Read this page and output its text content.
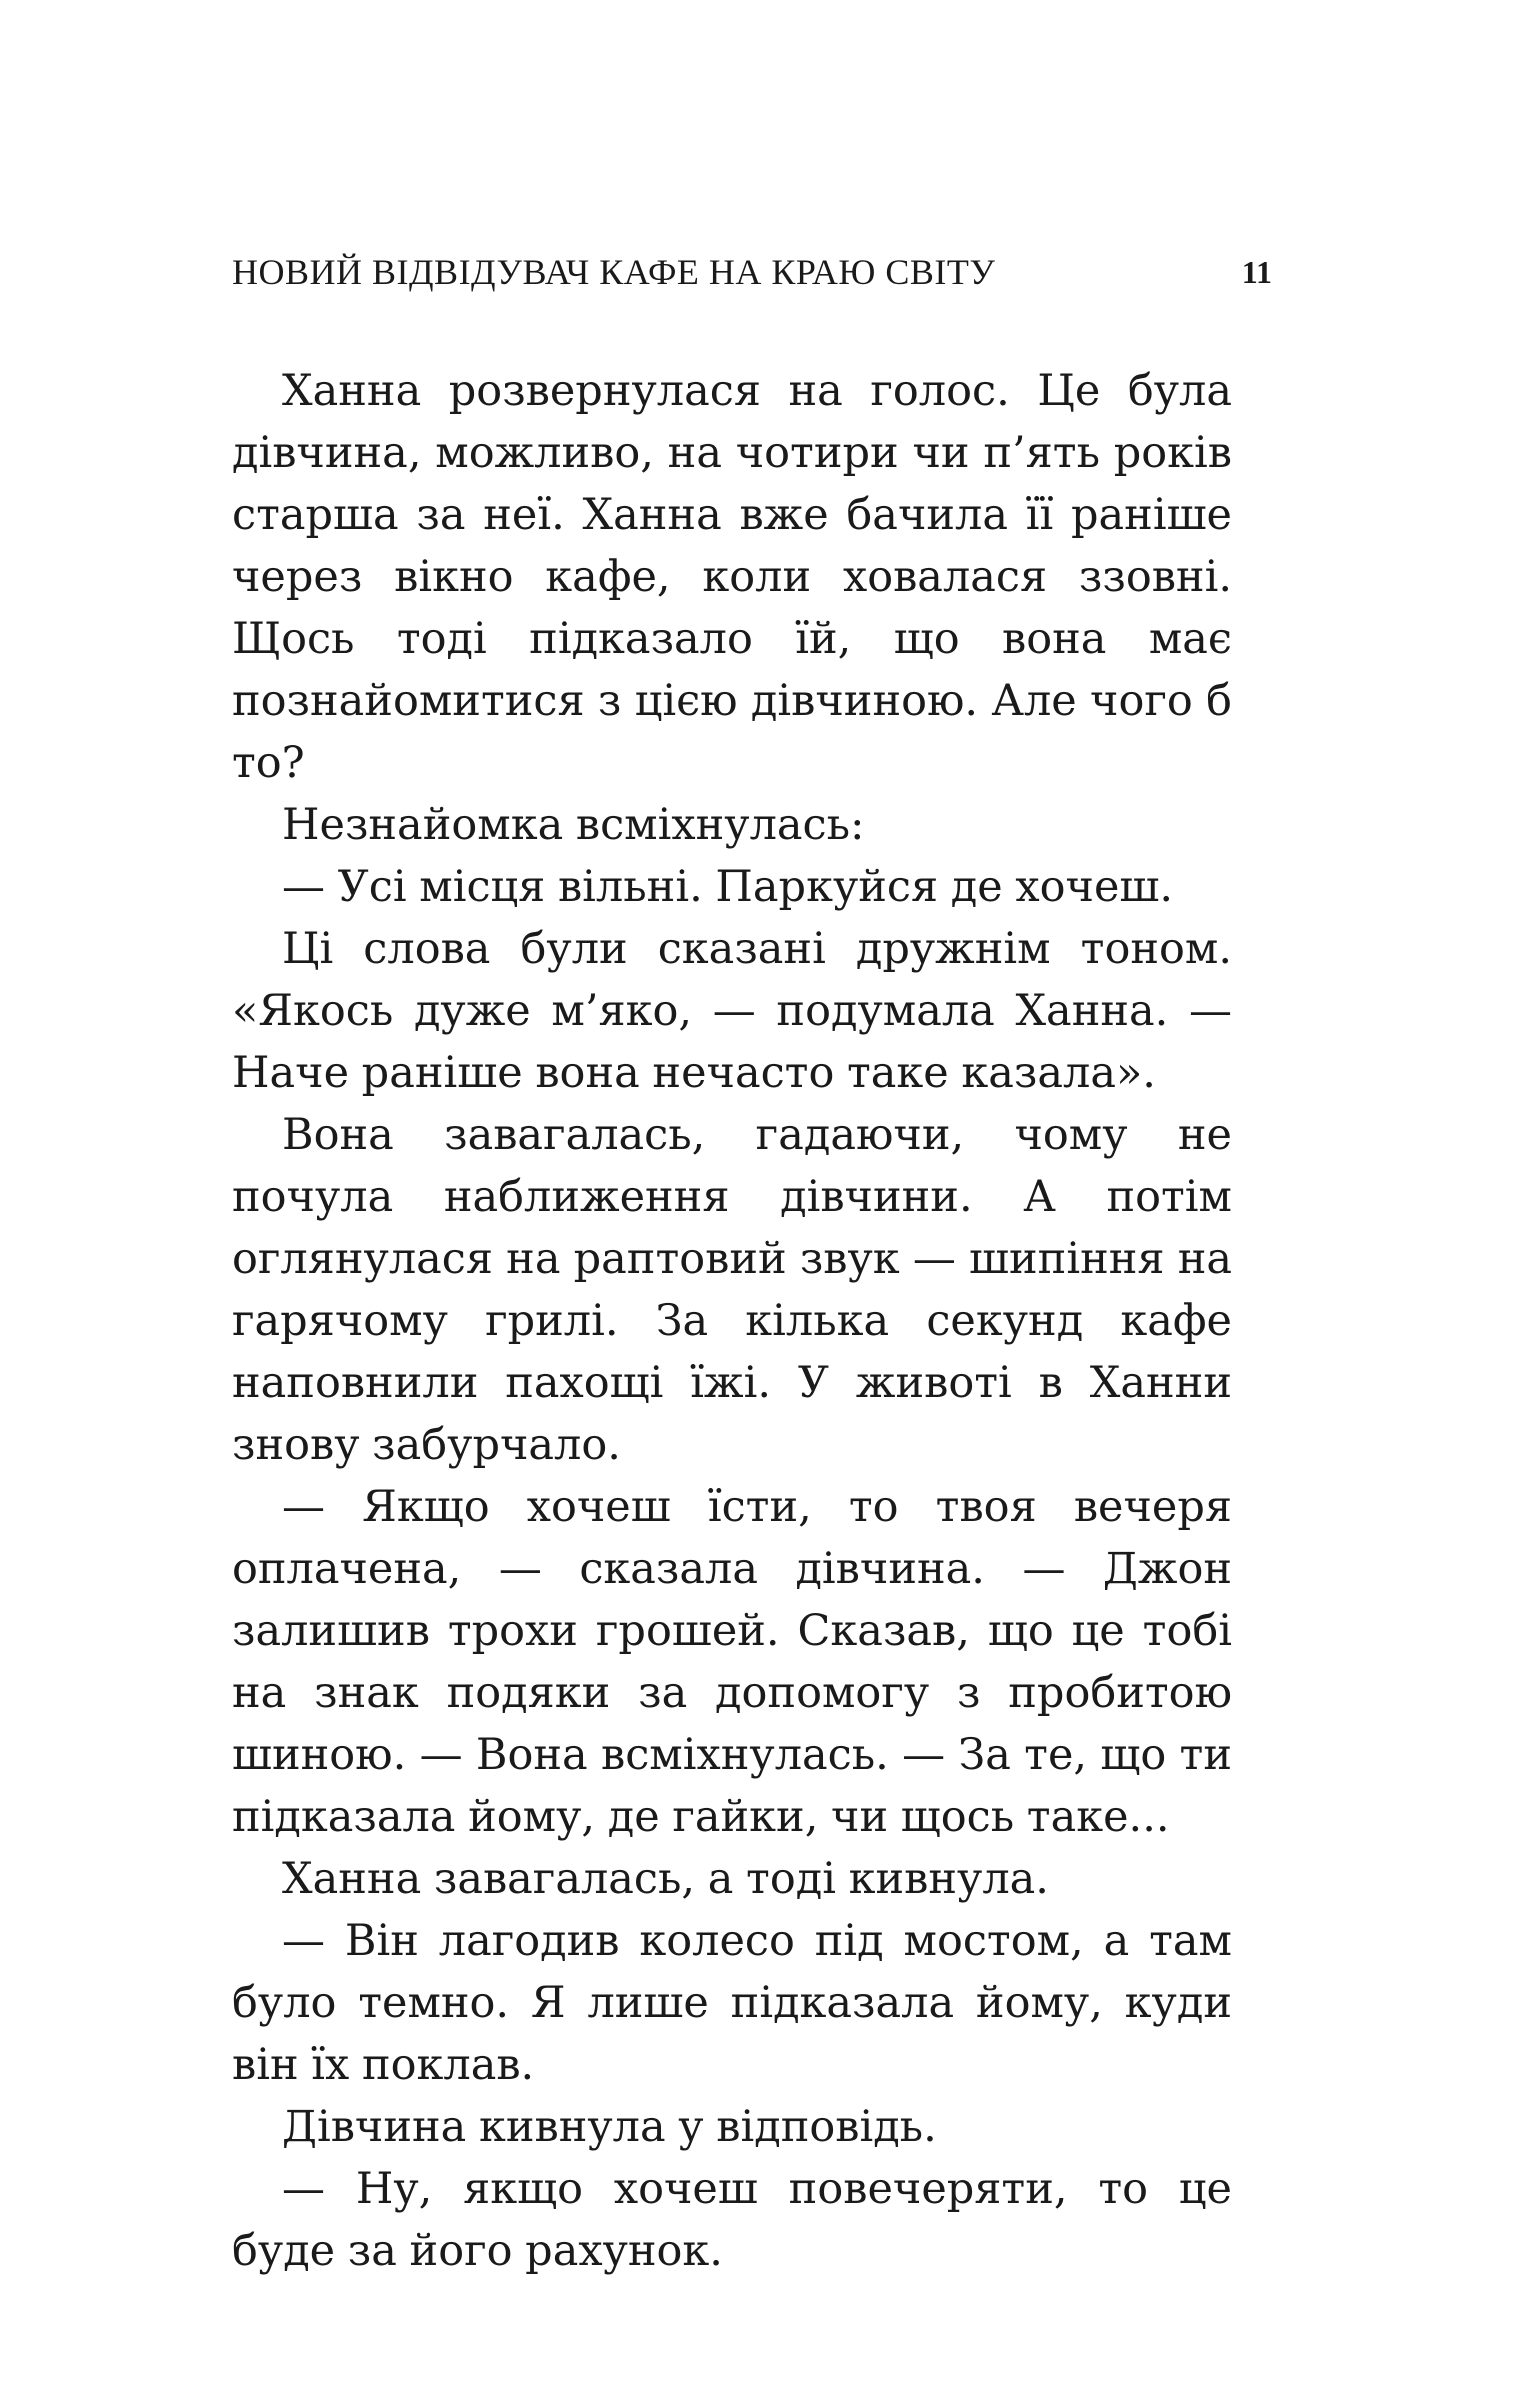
НОВИЙ ВІДВІДУВАЧ КАФЕ НА КРАЮ СВІТУ	11

Ханна розвернулася на голос. Це була дівчина, можливо, на чотири чи п’ять років старша за неї. Ханна вже бачила її раніше через вікно кафе, коли ховалася ззовні. Щось тоді підказало їй, що вона має познайомитися з цією дівчиною. Але чого б то?

Незнайомка всміхнулась:

— Усі місця вільні. Паркуйся де хочеш.

Ці слова були сказані дружнім тоном. «Якось дуже м’яко, — подумала Ханна. — Наче раніше вона нечасто таке казала».

Вона завагалась, гадаючи, чому не почула наближення дівчини. А потім оглянулася на раптовий звук — шипіння на гарячому грилі. За кілька секунд кафе наповнили пахощі їжі. У животі в Ханни знову забурчало.

— Якщо хочеш їсти, то твоя вечеря оплачена, — сказала дівчина. — Джон залишив трохи грошей. Сказав, що це тобі на знак подяки за допомогу з пробитою шиною. — Вона всміхнулась. — За те, що ти підказала йому, де гайки, чи щось таке...

Ханна завагалась, а тоді кивнула.

— Він лагодив колесо під мостом, а там було темно. Я лише підказала йому, куди він їх поклав.

Дівчина кивнула у відповідь.

— Ну, якщо хочеш повечеряти, то це буде за його рахунок.
